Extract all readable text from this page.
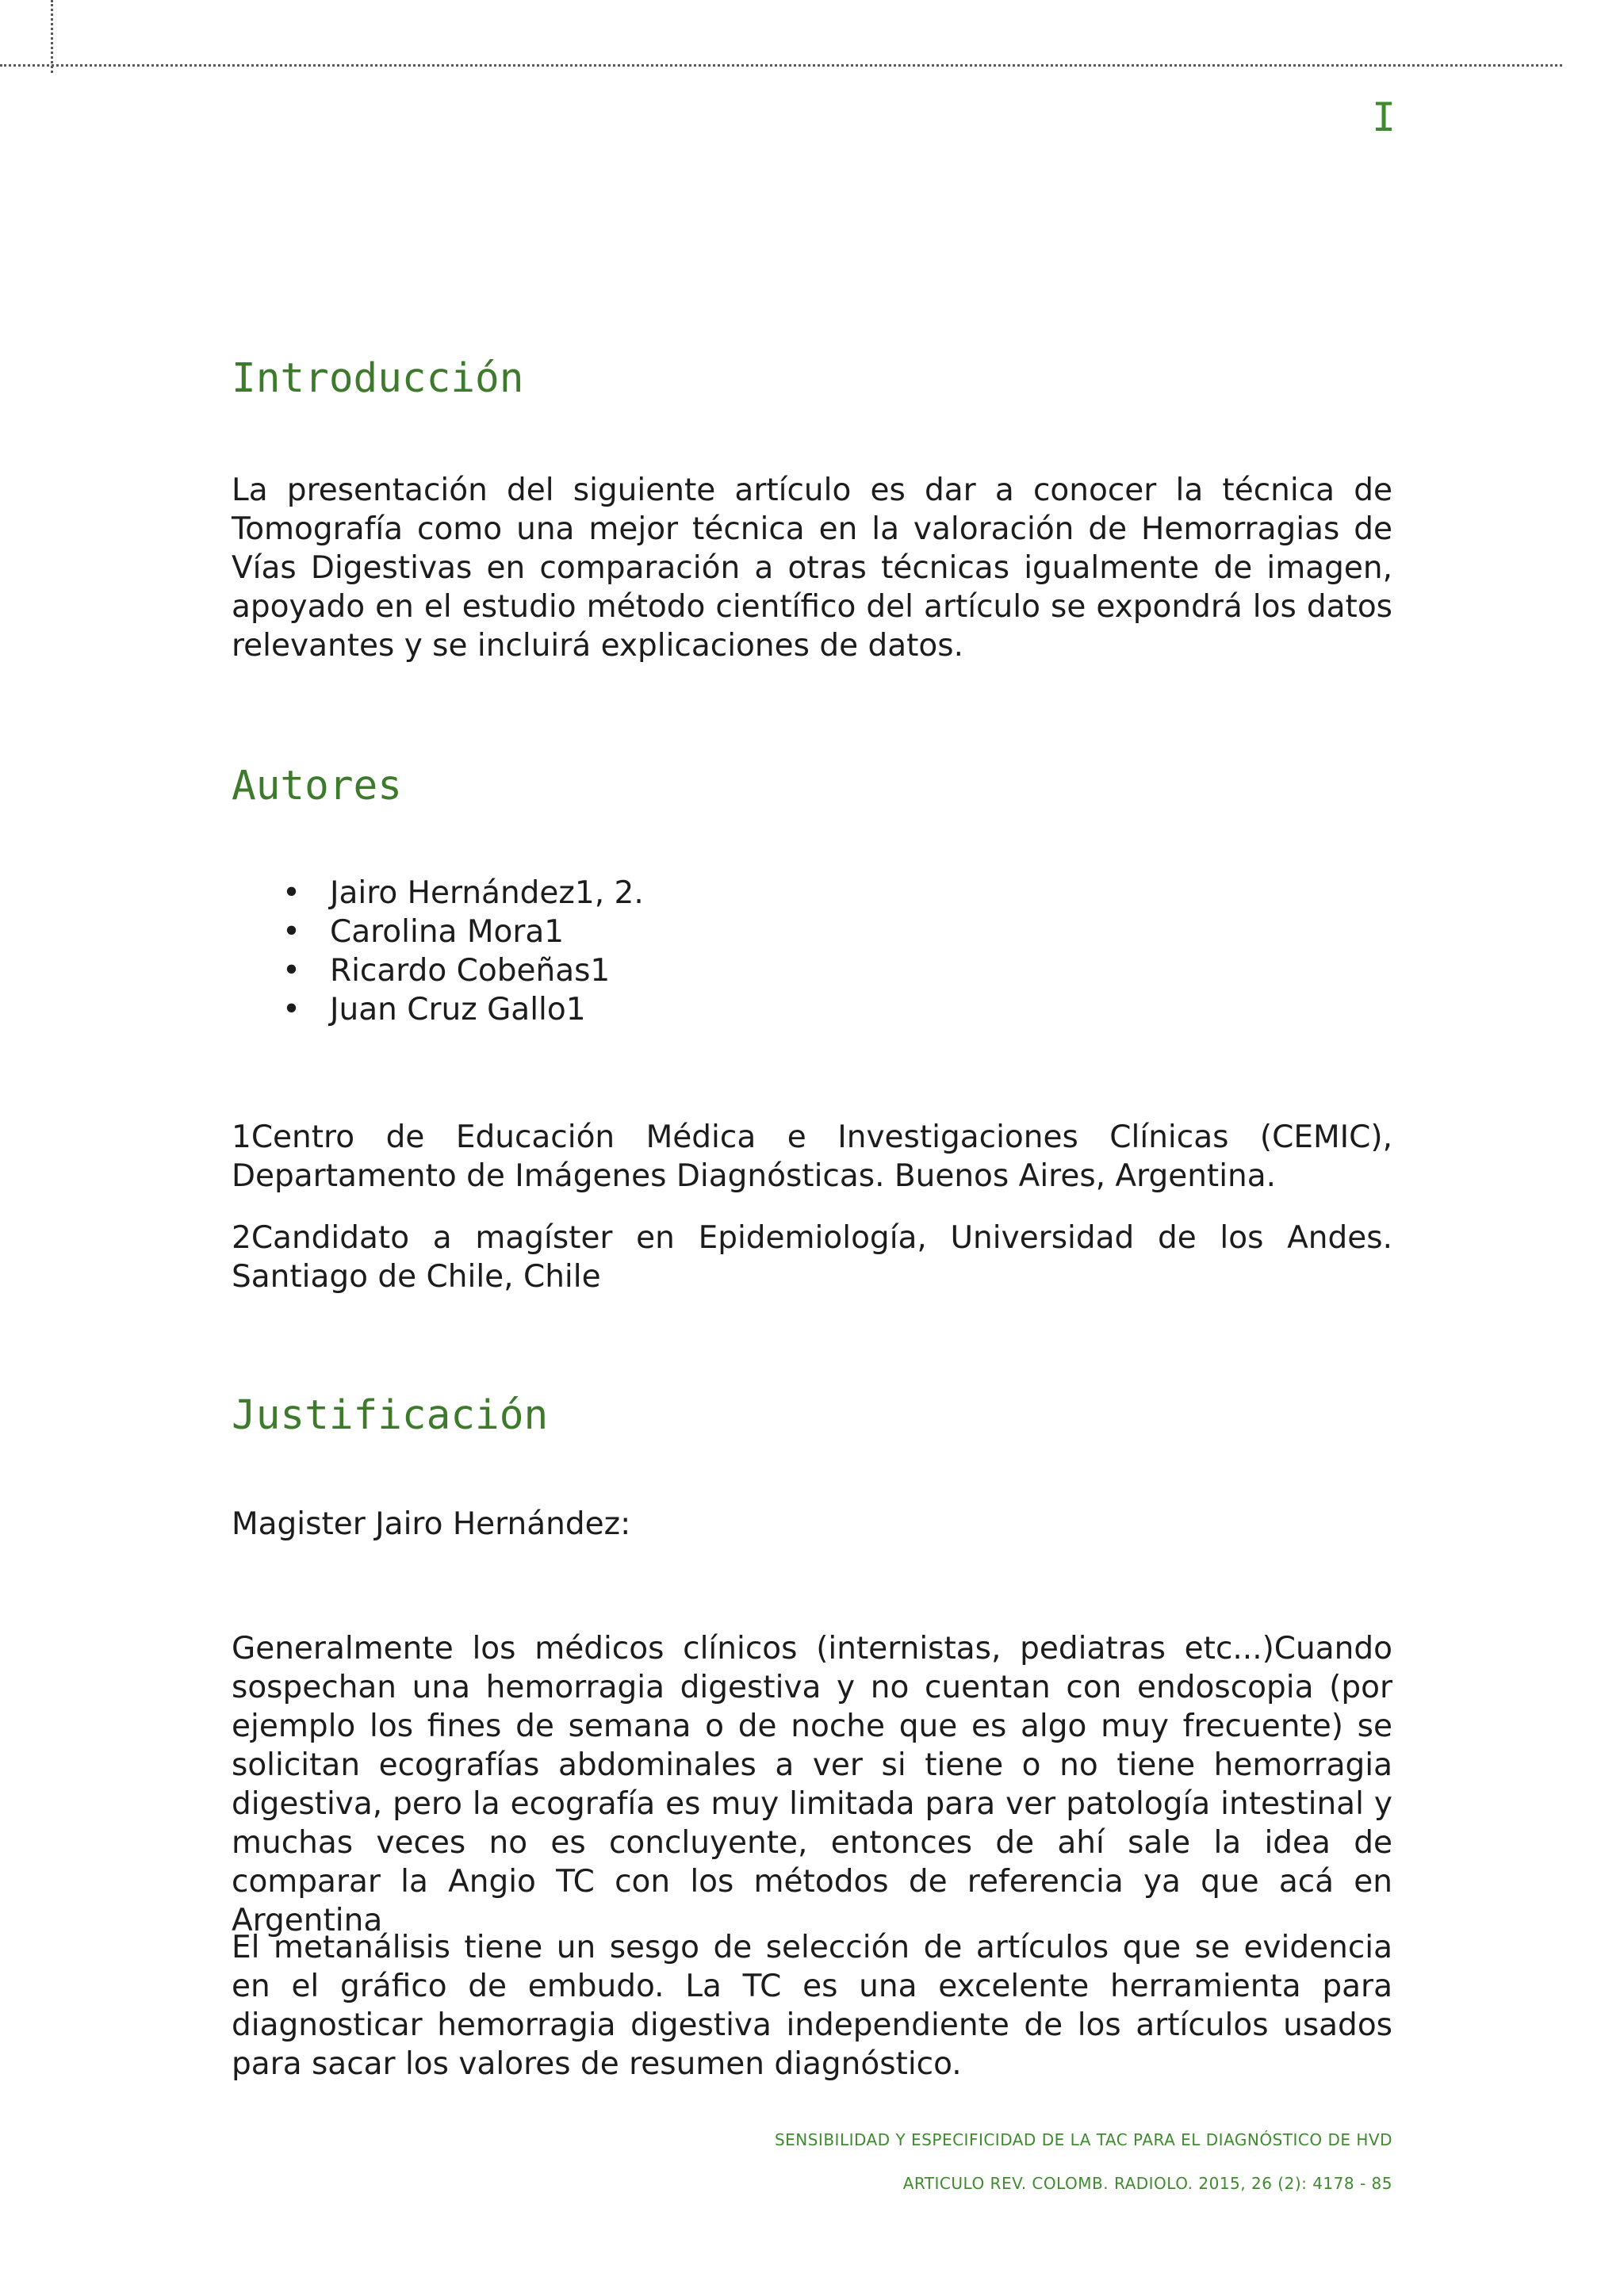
I
Introducción

La presentación del siguiente artículo es dar a conocer la técnica de Tomografía como una mejor técnica en la valoración de Hemorragias de Vías Digestivas en comparación a otras técnicas igualmente de imagen, apoyado en el estudio método científico del artículo se expondrá los datos relevantes y se incluirá explicaciones de datos.

Autores
• Jairo Hernández1, 2.
• Carolina Mora1
• Ricardo Cobeñas1
• Juan Cruz Gallo1

1Centro de Educación Médica e Investigaciones Clínicas (CEMIC), Departamento de Imágenes Diagnósticas. Buenos Aires, Argentina.

2Candidato a magíster en Epidemiología, Universidad de los Andes. Santiago de Chile, Chile

Justificación

Magister Jairo Hernández:

Generalmente los médicos clínicos (internistas, pediatras etc...)Cuando sospechan una hemorragia digestiva y no cuentan con endoscopia (por ejemplo los fines de semana o de noche que es algo muy frecuente) se solicitan ecografías abdominales a ver si tiene o no tiene hemorragia digestiva, pero la ecografía es muy limitada para ver patología intestinal y muchas veces no es concluyente, entonces de ahí sale la idea de comparar la Angio TC con los métodos de referencia ya que acá en Argentina

El metanálisis tiene un sesgo de selección de artículos que se evidencia en el gráfico de embudo. La TC es una excelente herramienta para diagnosticar hemorragia digestiva independiente de los artículos usados para sacar los valores de resumen diagnóstico.

SENSIBILIDAD Y ESPECIFICIDAD DE LA TAC PARA EL DIAGNÓSTICO DE HVD

ARTICULO REV. COLOMB. RADIOLO. 2015, 26 (2): 4178 - 85
